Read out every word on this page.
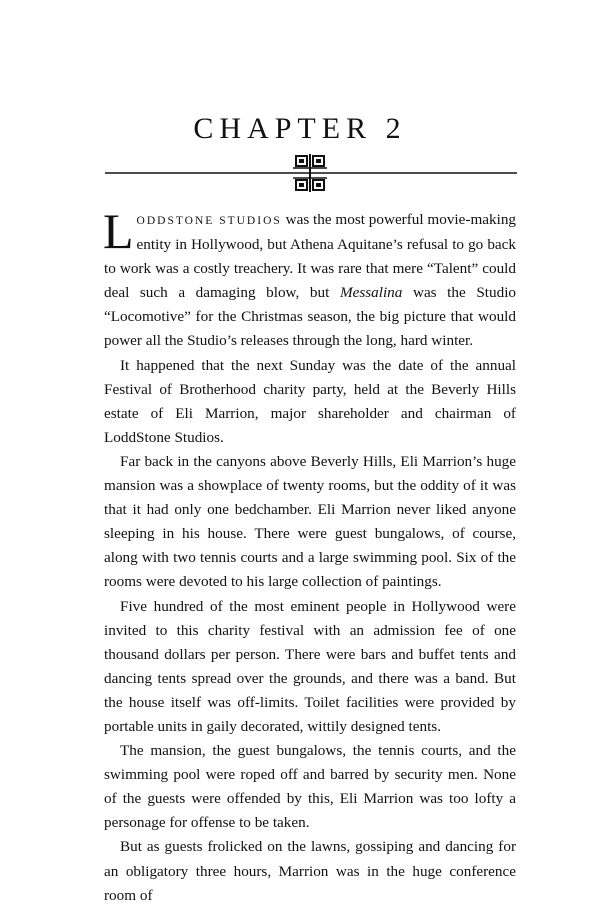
CHAPTER 2

LODDSTONE STUDIOS was the most powerful movie-making entity in Hollywood, but Athena Aquitane’s refusal to go back to work was a costly treachery. It was rare that mere “Talent” could deal such a damaging blow, but Messalina was the Studio “Locomotive” for the Christmas season, the big picture that would power all the Studio’s releases through the long, hard winter.

It happened that the next Sunday was the date of the annual Festival of Brotherhood charity party, held at the Beverly Hills estate of Eli Marrion, major shareholder and chairman of LoddStone Studios.

Far back in the canyons above Beverly Hills, Eli Marrion’s huge mansion was a showplace of twenty rooms, but the oddity of it was that it had only one bedchamber. Eli Marrion never liked anyone sleeping in his house. There were guest bungalows, of course, along with two tennis courts and a large swimming pool. Six of the rooms were devoted to his large collection of paintings.

Five hundred of the most eminent people in Hollywood were invited to this charity festival with an admission fee of one thousand dollars per person. There were bars and buffet tents and dancing tents spread over the grounds, and there was a band. But the house itself was off-limits. Toilet facilities were provided by portable units in gaily decorated, wittily designed tents.

The mansion, the guest bungalows, the tennis courts, and the swimming pool were roped off and barred by security men. None of the guests were offended by this, Eli Marrion was too lofty a personage for offense to be taken.

But as guests frolicked on the lawns, gossiping and dancing for an obligatory three hours, Marrion was in the huge conference room of
